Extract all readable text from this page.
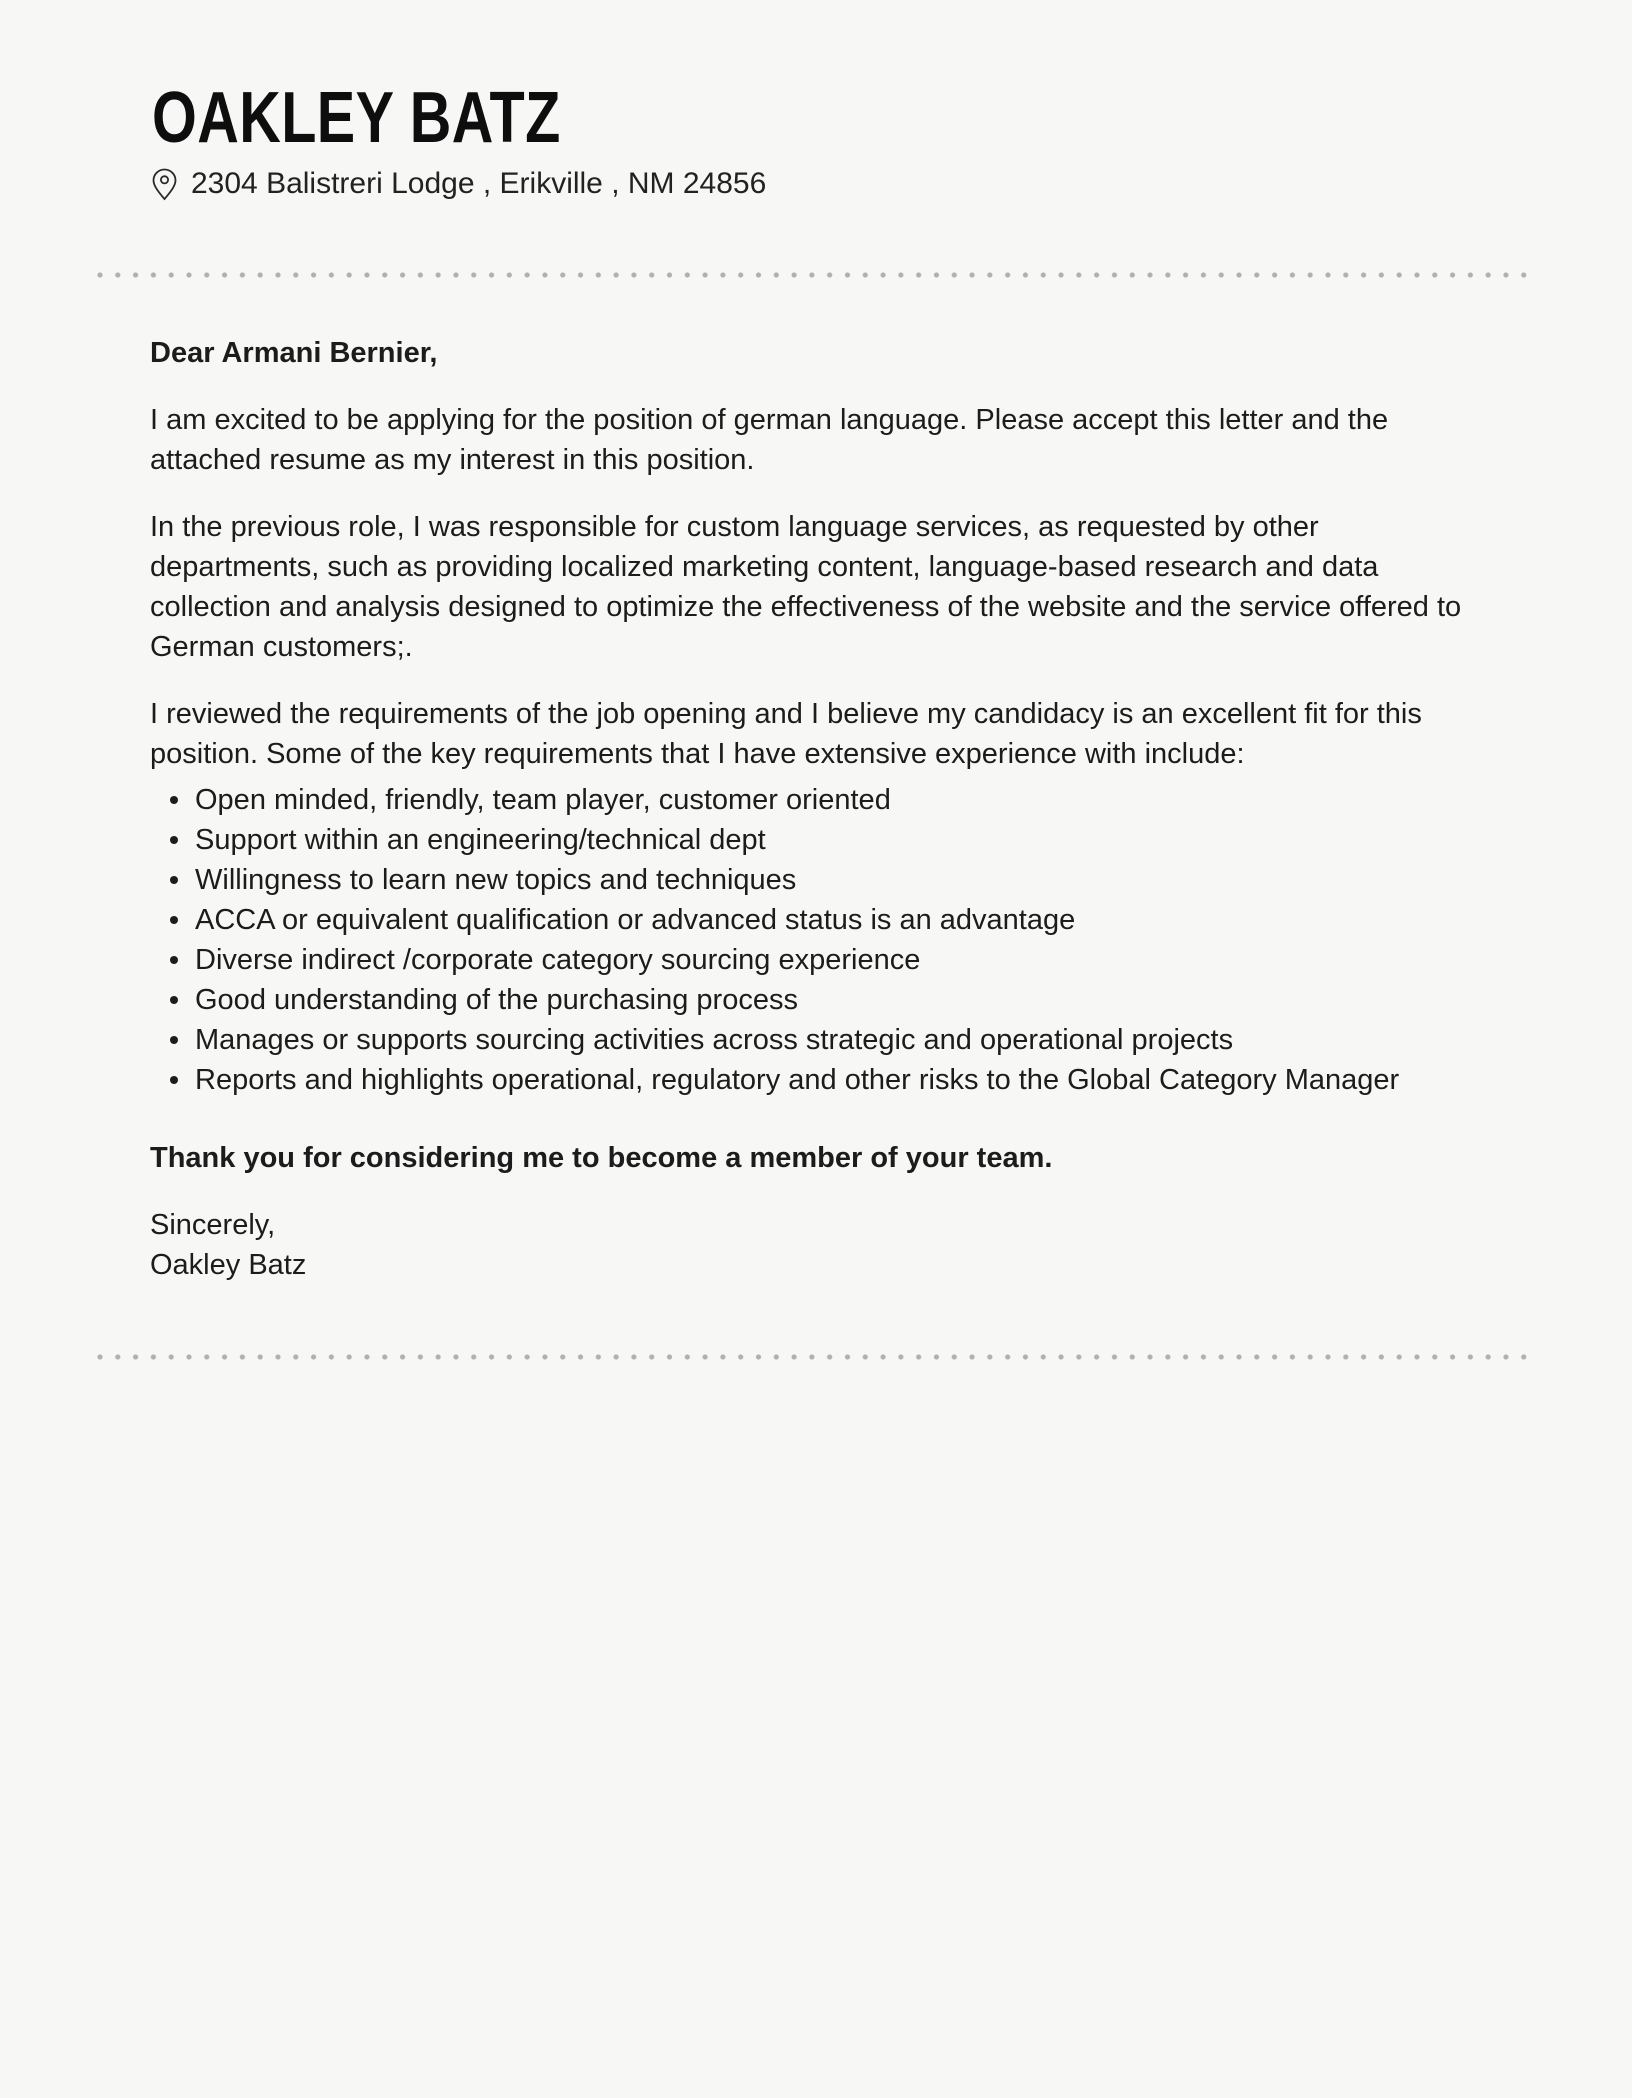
OAKLEY BATZ
2304 Balistreri Lodge , Erikville , NM 24856

Dear Armani Bernier,

I am excited to be applying for the position of german language. Please accept this letter and the attached resume as my interest in this position.

In the previous role, I was responsible for custom language services, as requested by other departments, such as providing localized marketing content, language-based research and data collection and analysis designed to optimize the effectiveness of the website and the service offered to German customers;.

I reviewed the requirements of the job opening and I believe my candidacy is an excellent fit for this position. Some of the key requirements that I have extensive experience with include:

Open minded, friendly, team player, customer oriented
Support within an engineering/technical dept
Willingness to learn new topics and techniques
ACCA or equivalent qualification or advanced status is an advantage
Diverse indirect /corporate category sourcing experience
Good understanding of the purchasing process
Manages or supports sourcing activities across strategic and operational projects
Reports and highlights operational, regulatory and other risks to the Global Category Manager

Thank you for considering me to become a member of your team.

Sincerely,
Oakley Batz
